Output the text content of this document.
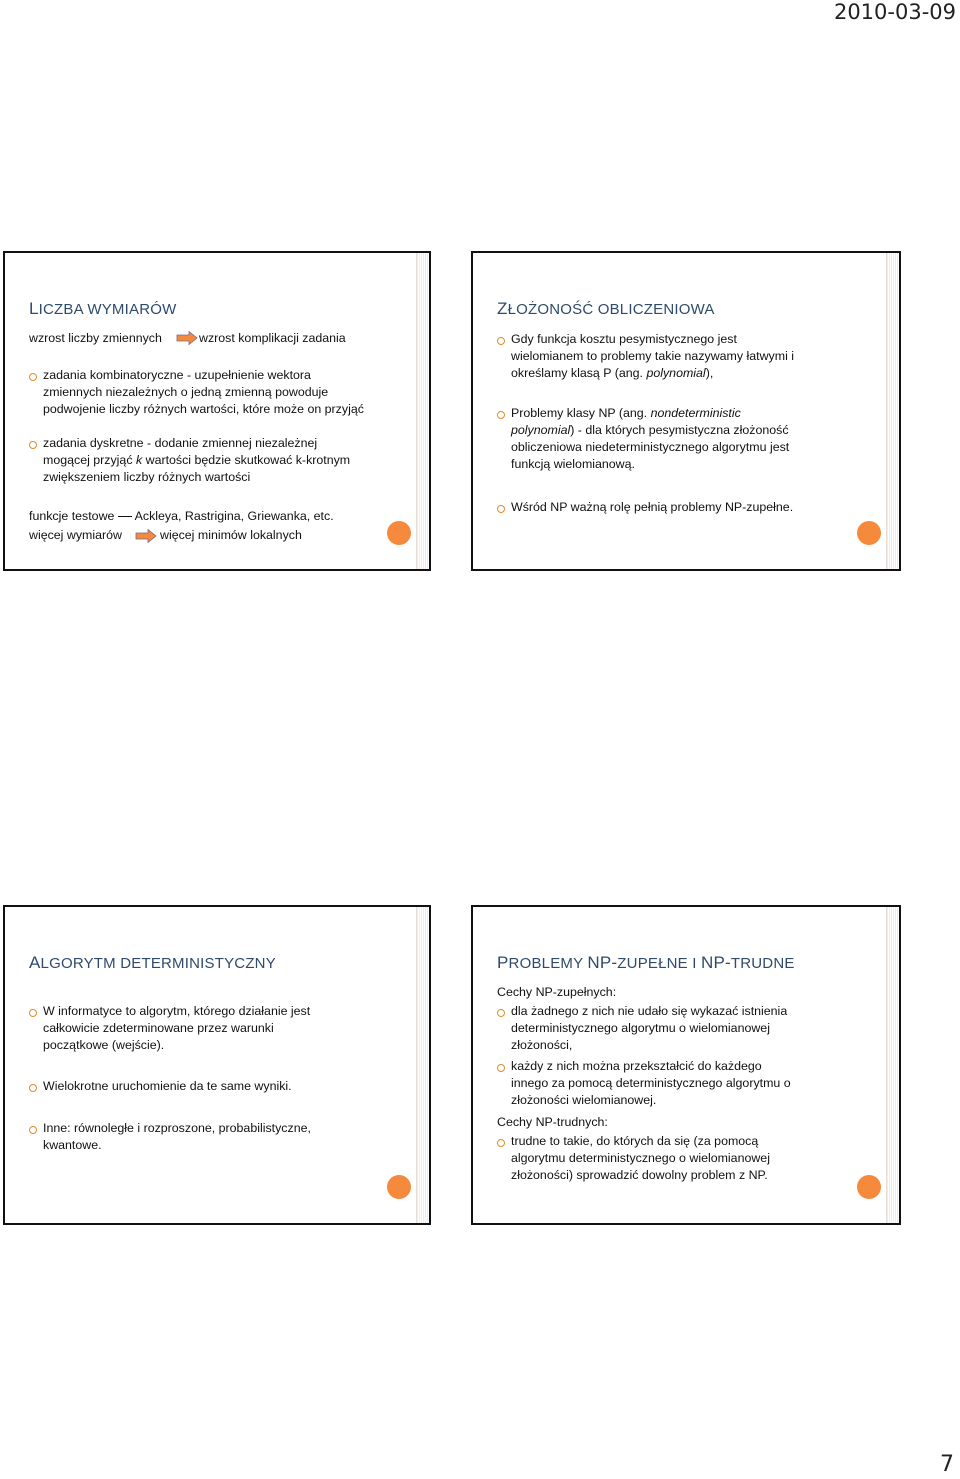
2010-03-09
LICZBA WYMIARÓW
wzrost liczby zmiennych	wzrost komplikacji zadania
zadania kombinatoryczne - uzupełnienie wektora
zmiennych niezależnych o jedną zmienną powoduje
podwojenie liczby różnych wartości, które może on przyjąć
zadania dyskretne - dodanie zmiennej niezależnej
mogącej przyjąć k wartości będzie skutkować k-krotnym
zwiększeniem liczby różnych wartości
funkcje testowe  Ackleya, Rastrigina, Griewanka, etc.
więcej wymiarów	więcej minimów lokalnych
ZŁOŻONOŚĆ OBLICZENIOWA
Gdy funkcja kosztu pesymistycznego jest
wielomianem to problemy takie nazywamy łatwymi i
określamy klasą P (ang. polynomial),
Problemy klasy NP (ang. nondeterministic
polynomial) - dla których pesymistyczna złożoność
obliczeniowa niedeterministycznego algorytmu jest
funkcją wielomianową.
Wśród NP ważną rolę pełnią problemy NP-zupełne.
ALGORYTM DETERMINISTYCZNY
W informatyce to algorytm, którego działanie jest
całkowicie zdeterminowane przez warunki
początkowe (wejście).
Wielokrotne uruchomienie da te same wyniki.
Inne: równoległe i rozproszone, probabilistyczne,
kwantowe.
PROBLEMY NP-ZUPEŁNE I NP-TRUDNE
Cechy NP-zupełnych:
dla żadnego z nich nie udało się wykazać istnienia
deterministycznego algorytmu o wielomianowej
złożoności,
każdy z nich można przekształcić do każdego
innego za pomocą deterministycznego algorytmu o
złożoności wielomianowej.
Cechy NP-trudnych:
trudne to takie, do których da się (za pomocą
algorytmu deterministycznego o wielomianowej
złożoności) sprowadzić dowolny problem z NP.
7
